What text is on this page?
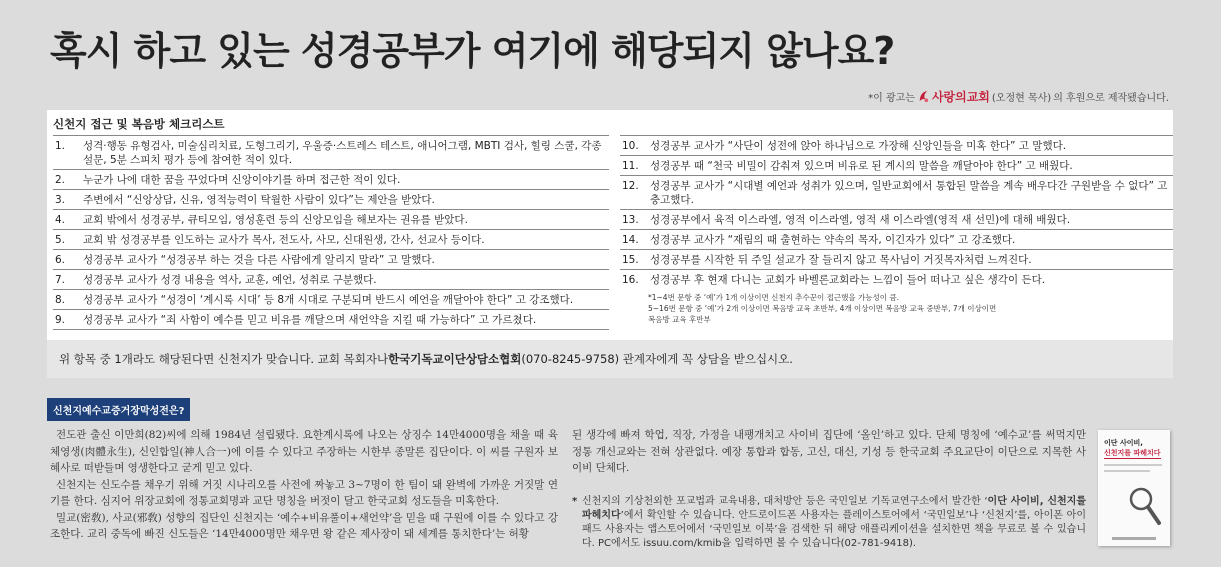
혹시 하고 있는 성경공부가 여기에 해당되지 않나요?
*이 광고는 사랑의교회 (오정현 목사) 의 후원으로 제작됐습니다.
신천지 접근 및 복음방 체크리스트
1.	성격·행동 유형검사, 미술심리치료, 도형그리기, 우울증·스트레스 테스트, 애니어그램, MBTI 검사, 힐링 스쿨, 각종 설문, 5분 스피치 평가 등에 참여한 적이 있다.
2.	누군가 나에 대한 꿈을 꾸었다며 신앙이야기를 하며 접근한 적이 있다.
3.	주변에서 “신앙상담, 신유, 영적능력이 탁월한 사람이 있다”는 제안을 받았다.
4.	교회 밖에서 성경공부, 큐티모임, 영성훈련 등의 신앙모임을 해보자는 권유를 받았다.
5.	교회 밖 성경공부를 인도하는 교사가 목사, 전도사, 사모, 신대원생, 간사, 선교사 등이다.
6.	성경공부 교사가 “성경공부 하는 것을 다른 사람에게 알리지 말라” 고 말했다.
7.	성경공부 교사가 성경 내용을 역사, 교훈, 예언, 성취로 구분했다.
8.	성경공부 교사가 “성경이 ‘계시록 시대’ 등 8개 시대로 구분되며 반드시 예언을 깨달아야 한다” 고 강조했다.
9.	성경공부 교사가 “죄 사함이 예수를 믿고 비유를 깨달으며 새언약을 지킬 때 가능하다” 고 가르쳤다.
10.	성경공부 교사가 “사단이 성전에 앉아 하나님으로 가장해 신앙인들을 미혹 한다” 고 말했다.
11.	성경공부 때 “천국 비밀이 감춰져 있으며 비유로 된 계시의 말씀을 깨달아야 한다” 고 배웠다.
12.	성경공부 교사가 “시대별 예언과 성취가 있으며, 일반교회에서 통합된 말씀을 계속 배우다간 구원받을 수 없다” 고 충고했다.
13.	성경공부에서 육적 이스라엘, 영적 이스라엘, 영적 새 이스라엘(영적 새 선민)에 대해 배웠다.
14.	성경공부 교사가 “재림의 때 출현하는 약속의 목자, 이긴자가 있다” 고 강조했다.
15.	성경공부를 시작한 뒤 주일 설교가 잘 들리지 않고 목사님이 거짓목자처럼 느껴진다.
16.	성경공부 후 현재 다니는 교회가 바벨론교회라는 느낌이 들어 떠나고 싶은 생각이 든다.
*1~4번 문항 중 ‘예’가 1개 이상이면 신천지 추수꾼이 접근했을 가능성이 큼.
5~16번 문항 중 ‘예’가 2개 이상이면 복음방 교육 초반부, 4개 이상이면 복음방 교육 중반부, 7개 이상이면
복음방 교육 후반부
위 항목 중 1개라도 해당된다면 신천지가 맞습니다. 교회 목회자나 한국기독교이단상담소협회 (070-8245-9758) 관계자에게 꼭 상담을 받으십시오.
신천지예수교증거장막성전은?

전도관 출신 이만희(82)씨에 의해 1984년 설립됐다. 요한계시록에 나오는 상징수 14만4000명을 채울 때 육체영생(肉體永生), 신인합일(神人合一)에 이를 수 있다고 주장하는 시한부 종말론 집단이다. 이 씨를 구원자 보혜사로 떠받들며 영생한다고 굳게 믿고 있다.

신천지는 신도수를 채우기 위해 거짓 시나리오를 사전에 짜놓고 3~7명이 한 팀이 돼 완벽에 가까운 거짓말 연기를 한다. 심지어 위장교회에 정통교회명과 교단 명칭을 버젓이 달고 한국교회 성도들을 미혹한다.

밀교(密敎), 사교(邪敎) 성향의 집단인 신천지는 ‘예수+비유풀이+새언약’을 믿을 때 구원에 이를 수 있다고 강조한다. 교리 중독에 빠진 신도들은 ‘14만4000명만 채우면 왕 같은 제사장이 돼 세계를 통치한다’는 허황

된 생각에 빠져 학업, 직장, 가정을 내팽개치고 사이비 집단에 ‘올인’하고 있다. 단체 명칭에 ‘예수교’를 써먹지만 정통 개신교와는 전혀 상관없다. 예장 통합과 합동, 고신, 대신, 기성 등 한국교회 주요교단이 이단으로 지목한 사이비 단체다.

* 신천지의 기상천외한 포교법과 교육내용, 대처방안 등은 국민일보 기독교연구소에서 발간한 ‘이단 사이비, 신천지를 파헤치다’에서 확인할 수 있습니다. 안드로이드폰 사용자는 플레이스토어에서 ‘국민일보’나 ‘신천지’를, 아이폰 아이패드 사용자는 앱스토어에서 ‘국민일보 이북’을 검색한 뒤 해당 애플리케이션을 설치한면 책을 무료로 볼 수 있습니다. PC에서도 issuu.com/kmib을 입력하면 볼 수 있습니다(02-781-9418).
이단 사이비,
신천지를 파헤치다
